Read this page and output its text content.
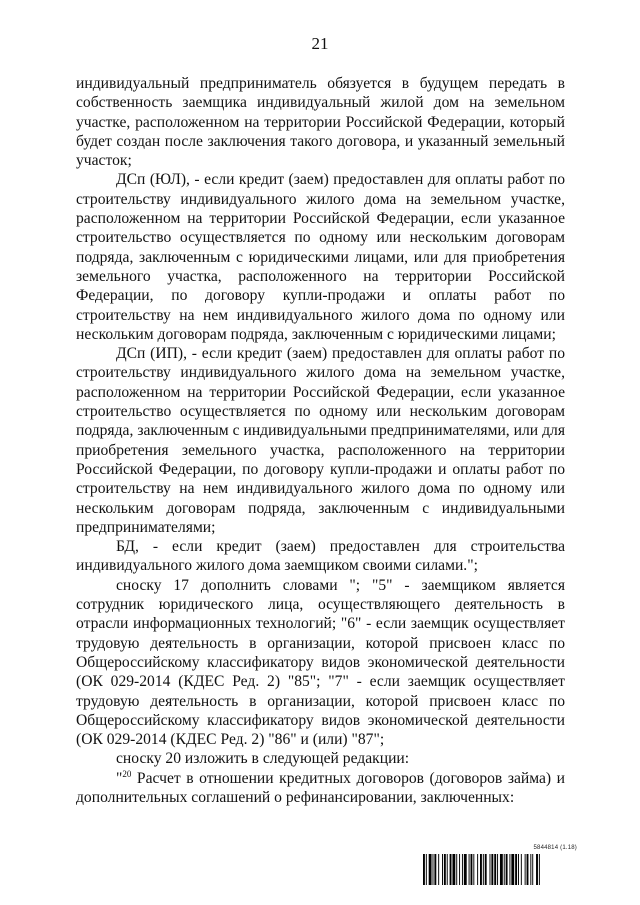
21

индивидуальный предприниматель обязуется в будущем передать в собственность заемщика индивидуальный жилой дом на земельном участке, расположенном на территории Российской Федерации, который будет создан после заключения такого договора, и указанный земельный участок;

ДСп (ЮЛ), - если кредит (заем) предоставлен для оплаты работ по строительству индивидуального жилого дома на земельном участке, расположенном на территории Российской Федерации, если указанное строительство осуществляется по одному или нескольким договорам подряда, заключенным с юридическими лицами, или для приобретения земельного участка, расположенного на территории Российской Федерации, по договору купли-продажи и оплаты работ по строительству на нем индивидуального жилого дома по одному или нескольким договорам подряда, заключенным с юридическими лицами;

ДСп (ИП), - если кредит (заем) предоставлен для оплаты работ по строительству индивидуального жилого дома на земельном участке, расположенном на территории Российской Федерации, если указанное строительство осуществляется по одному или нескольким договорам подряда, заключенным с индивидуальными предпринимателями, или для приобретения земельного участка, расположенного на территории Российской Федерации, по договору купли-продажи и оплаты работ по строительству на нем индивидуального жилого дома по одному или нескольким договорам подряда, заключенным с индивидуальными предпринимателями;

БД, - если кредит (заем) предоставлен для строительства индивидуального жилого дома заемщиком своими силами.";

сноску 17 дополнить словами "; "5" - заемщиком является сотрудник юридического лица, осуществляющего деятельность в отрасли информационных технологий; "6" - если заемщик осуществляет трудовую деятельность в организации, которой присвоен класс по Общероссийскому классификатору видов экономической деятельности (ОК 029-2014 (КДЕС Ред. 2) "85"; "7" - если заемщик осуществляет трудовую деятельность в организации, которой присвоен класс по Общероссийскому классификатору видов экономической деятельности (ОК 029-2014 (КДЕС Ред. 2) "86" и (или) "87";

сноску 20 изложить в следующей редакции:

"$^{20}$ Расчет в отношении кредитных договоров (договоров займа) и дополнительных соглашений о рефинансировании, заключенных:

5844814 (1.18)
